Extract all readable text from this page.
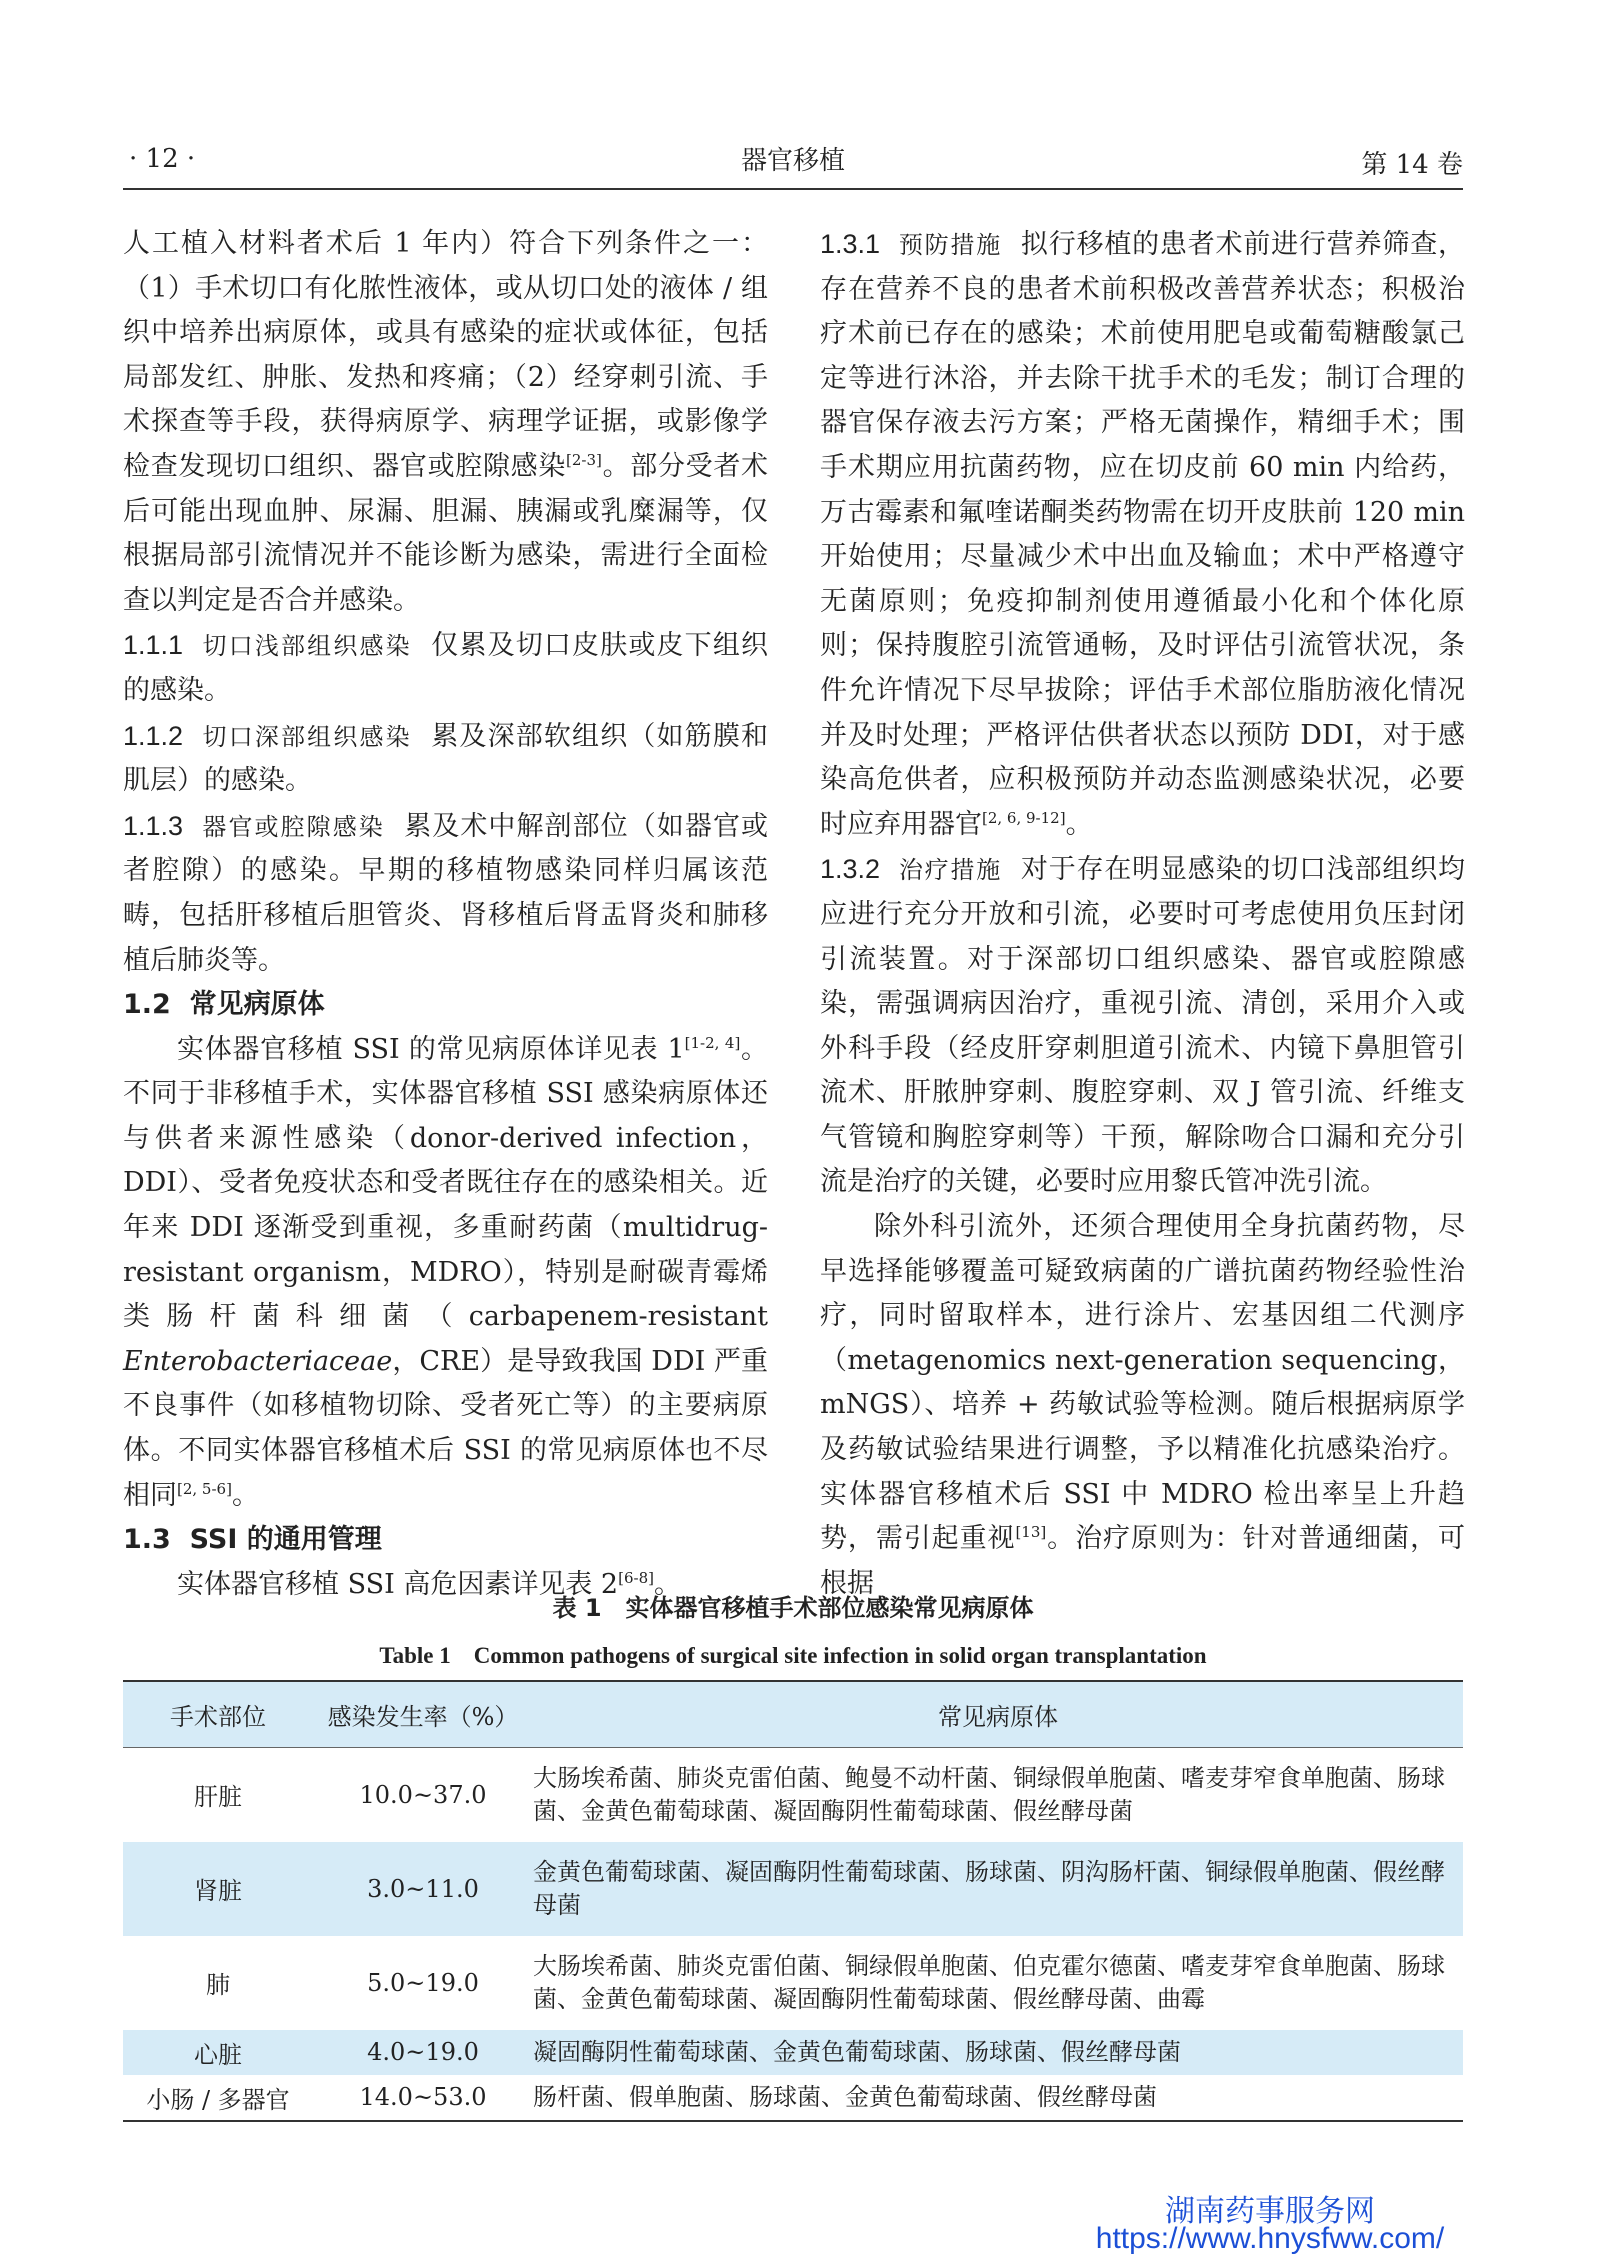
· 12 ·	器官移植	第 14 卷

人工植入材料者术后 1 年内）符合下列条件之一：（1）手术切口有化脓性液体，或从切口处的液体 / 组织中培养出病原体，或具有感染的症状或体征，包括局部发红、肿胀、发热和疼痛；（2）经穿刺引流、手术探查等手段，获得病原学、病理学证据，或影像学检查发现切口组织、器官或腔隙感染[2-3]。部分受者术后可能出现血肿、尿漏、胆漏、胰漏或乳糜漏等，仅根据局部引流情况并不能诊断为感染，需进行全面检查以判定是否合并感染。

1.1.1 切口浅部组织感染 仅累及切口皮肤或皮下组织的感染。

1.1.2 切口深部组织感染 累及深部软组织（如筋膜和肌层）的感染。

1.1.3 器官或腔隙感染 累及术中解剖部位（如器官或者腔隙）的感染。早期的移植物感染同样归属该范畴，包括肝移植后胆管炎、肾移植后肾盂肾炎和肺移植后肺炎等。

1.2 常见病原体

实体器官移植 SSI 的常见病原体详见表 1[1-2, 4]。不同于非移植手术，实体器官移植 SSI 感染病原体还与供者来源性感染（donor-derived infection，DDI）、受者免疫状态和受者既往存在的感染相关。近年来 DDI 逐渐受到重视，多重耐药菌（multidrug-resistant organism，MDRO），特别是耐碳青霉烯类肠杆菌科细菌（carbapenem-resistant Enterobacteriaceae，CRE）是导致我国 DDI 严重不良事件（如移植物切除、受者死亡等）的主要病原体。不同实体器官移植术后 SSI 的常见病原体也不尽相同[2, 5-6]。

1.3 SSI 的通用管理

实体器官移植 SSI 高危因素详见表 2[6-8]。

1.3.1 预防措施 拟行移植的患者术前进行营养筛查，存在营养不良的患者术前积极改善营养状态；积极治疗术前已存在的感染；术前使用肥皂或葡萄糖酸氯己定等进行沐浴，并去除干扰手术的毛发；制订合理的器官保存液去污方案；严格无菌操作，精细手术；围手术期应用抗菌药物，应在切皮前 60 min 内给药，万古霉素和氟喹诺酮类药物需在切开皮肤前 120 min 开始使用；尽量减少术中出血及输血；术中严格遵守无菌原则；免疫抑制剂使用遵循最小化和个体化原则；保持腹腔引流管通畅，及时评估引流管状况，条件允许情况下尽早拔除；评估手术部位脂肪液化情况并及时处理；严格评估供者状态以预防 DDI，对于感染高危供者，应积极预防并动态监测感染状况，必要时应弃用器官[2, 6, 9-12]。

1.3.2 治疗措施 对于存在明显感染的切口浅部组织均应进行充分开放和引流，必要时可考虑使用负压封闭引流装置。对于深部切口组织感染、器官或腔隙感染，需强调病因治疗，重视引流、清创，采用介入或外科手段（经皮肝穿刺胆道引流术、内镜下鼻胆管引流术、肝脓肿穿刺、腹腔穿刺、双 J 管引流、纤维支气管镜和胸腔穿刺等）干预，解除吻合口漏和充分引流是治疗的关键，必要时应用黎氏管冲洗引流。

除外科引流外，还须合理使用全身抗菌药物，尽早选择能够覆盖可疑致病菌的广谱抗菌药物经验性治疗，同时留取样本，进行涂片、宏基因组二代测序（metagenomics next-generation sequencing，mNGS）、培养 + 药敏试验等检测。随后根据病原学及药敏试验结果进行调整，予以精准化抗感染治疗。实体器官移植术后 SSI 中 MDRO 检出率呈上升趋势，需引起重视[13]。治疗原则为：针对普通细菌，可根据

表 1　实体器官移植手术部位感染常见病原体
Table 1　Common pathogens of surgical site infection in solid organ transplantation
手术部位	感染发生率（%）	常见病原体
肝脏	10.0~37.0	大肠埃希菌、肺炎克雷伯菌、鲍曼不动杆菌、铜绿假单胞菌、嗜麦芽窄食单胞菌、肠球菌、金黄色葡萄球菌、凝固酶阴性葡萄球菌、假丝酵母菌
肾脏	3.0~11.0	金黄色葡萄球菌、凝固酶阴性葡萄球菌、肠球菌、阴沟肠杆菌、铜绿假单胞菌、假丝酵母菌
肺	5.0~19.0	大肠埃希菌、肺炎克雷伯菌、铜绿假单胞菌、伯克霍尔德菌、嗜麦芽窄食单胞菌、肠球菌、金黄色葡萄球菌、凝固酶阴性葡萄球菌、假丝酵母菌、曲霉
心脏	4.0~19.0	凝固酶阴性葡萄球菌、金黄色葡萄球菌、肠球菌、假丝酵母菌
小肠 / 多器官	14.0~53.0	肠杆菌、假单胞菌、肠球菌、金黄色葡萄球菌、假丝酵母菌
湖南药事服务网
https://www.hnysfww.com/
